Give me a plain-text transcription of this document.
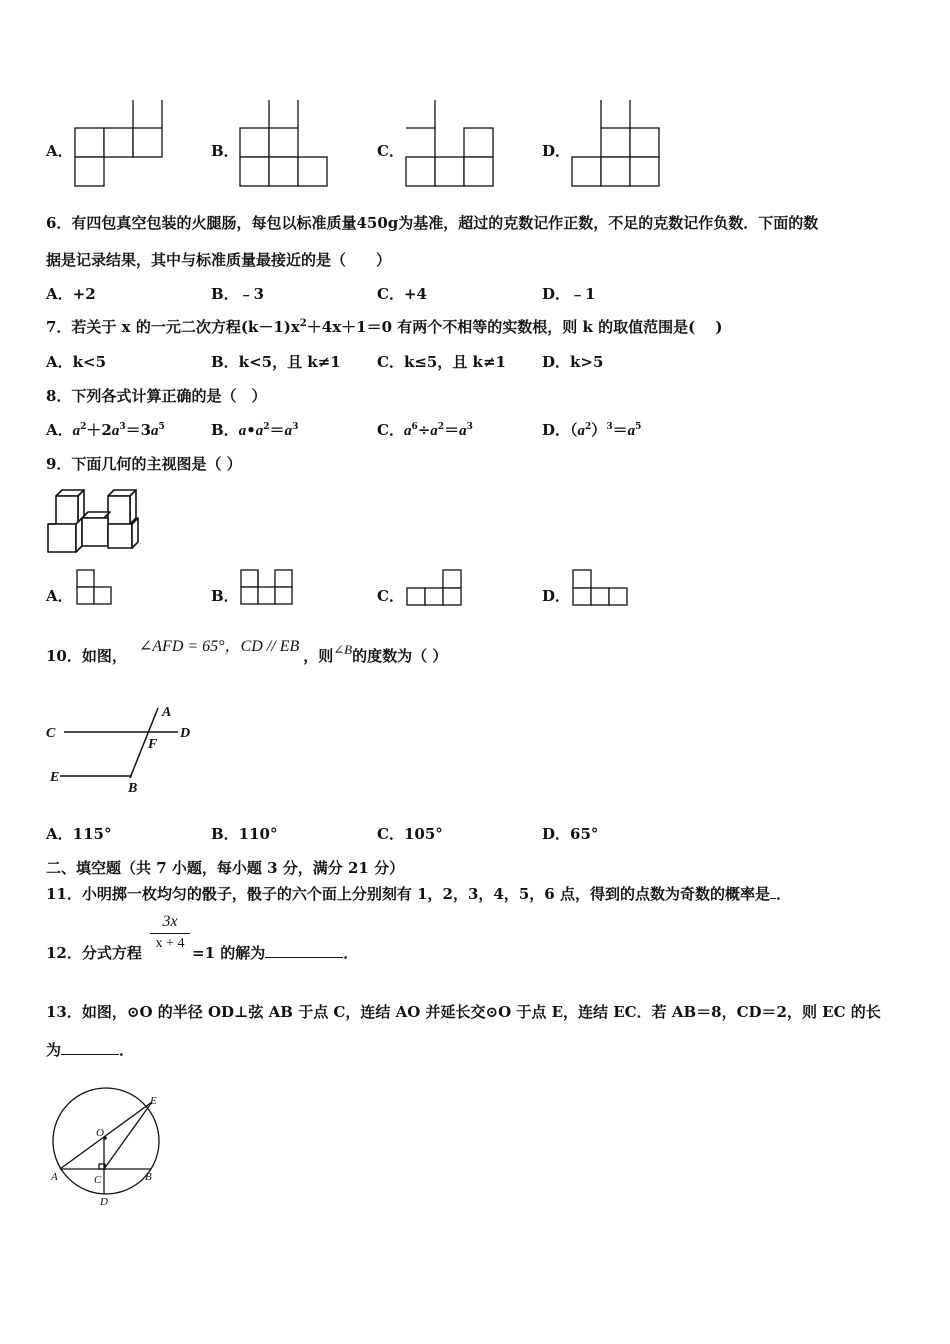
A．	B．	C．	D．
6．有四包真空包装的火腿肠，每包以标准质量450g为基准，超过的克数记作正数，不足的克数记作负数．下面的数
据是记录结果，其中与标准质量最接近的是（　　）
A．+2	B．﹣3	C．+4	D．﹣1
7．若关于 x 的一元二次方程$(k-1)x^2+4x+1=0$ 有两个不相等的实数根，则 k 的取值范围是(　 )
A．k<5	B．k<5，且 k≠1 C．k≤5，且 k≠1 D．k>5
8．下列各式计算正确的是（　）
A．$a^2+2a^3=3a^5$	B．$a•a^2=a^3$	C．$a^6\div a^2=a^3$	D．$(a^2)^3=a^5$
9．下面几何的主视图是（ ）
A．	B．	C．	D．
10．如图，∠AFD = 65°，CD // EB，则∠B的度数为（ ）
C
A
D
F
E
B
A．115°	B．110°	C．105°	D．65°
二、填空题（共 7 小题，每小题 3 分，满分 21 分）
11．小明掷一枚均匀的骰子，骰子的六个面上分别刻有 1，2，3，4，5，6 点，得到的点数为奇数的概率是 ．
12．分式方程
$\frac{3x}{x + 4}$
=1 的解为	．
13．如图，⊙O 的半径 OD⊥弦 AB 于点 C，连结 AO 并延长交⊙O 于点 E，连结 EC．若 AB＝8，CD＝2，则 EC 的长
为	．
E
O
A	C	B
D
